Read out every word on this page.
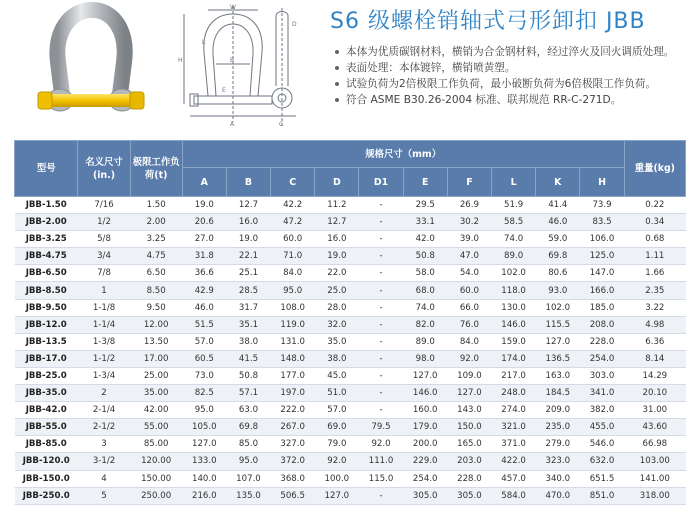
W
B
E
A
H
L
D
C
S6 级螺栓销轴式弓形卸扣 JBB
本体为优质碳钢材料，横销为合金钢材料，经过淬火及回火调质处理。
表面处理：本体镀锌，横销喷黄塑。
试验负荷为2倍极限工作负荷，最小破断负荷为6倍极限工作负荷。
符合 ASME B30.26-2004 标准、联邦规范 RR-C-271D。
型号	名义尺寸(in.)	极限工作负荷(t)	规格尺寸（mm）										重量(kg)
			A	B	C	D	D1	E	F	L	K	H	
JBB-1.50	7/16	1.50	19.0	12.7	42.2	11.2	-	29.5	26.9	51.9	41.4	73.9	0.22
JBB-2.00	1/2	2.00	20.6	16.0	47.2	12.7	-	33.1	30.2	58.5	46.0	83.5	0.34
JBB-3.25	5/8	3.25	27.0	19.0	60.0	16.0	-	42.0	39.0	74.0	59.0	106.0	0.68
JBB-4.75	3/4	4.75	31.8	22.1	71.0	19.0	-	50.8	47.0	89.0	69.8	125.0	1.11
JBB-6.50	7/8	6.50	36.6	25.1	84.0	22.0	-	58.0	54.0	102.0	80.6	147.0	1.66
JBB-8.50	1	8.50	42.9	28.5	95.0	25.0	-	68.0	60.0	118.0	93.0	166.0	2.35
JBB-9.50	1-1/8	9.50	46.0	31.7	108.0	28.0	-	74.0	66.0	130.0	102.0	185.0	3.22
JBB-12.0	1-1/4	12.00	51.5	35.1	119.0	32.0	-	82.0	76.0	146.0	115.5	208.0	4.98
JBB-13.5	1-3/8	13.50	57.0	38.0	131.0	35.0	-	89.0	84.0	159.0	127.0	228.0	6.36
JBB-17.0	1-1/2	17.00	60.5	41.5	148.0	38.0	-	98.0	92.0	174.0	136.5	254.0	8.14
JBB-25.0	1-3/4	25.00	73.0	50.8	177.0	45.0	-	127.0	109.0	217.0	163.0	303.0	14.29
JBB-35.0	2	35.00	82.5	57.1	197.0	51.0	-	146.0	127.0	248.0	184.5	341.0	20.10
JBB-42.0	2-1/4	42.00	95.0	63.0	222.0	57.0	-	160.0	143.0	274.0	209.0	382.0	31.00
JBB-55.0	2-1/2	55.00	105.0	69.8	267.0	69.0	79.5	179.0	150.0	321.0	235.0	455.0	43.60
JBB-85.0	3	85.00	127.0	85.0	327.0	79.0	92.0	200.0	165.0	371.0	279.0	546.0	66.98
JBB-120.0	3-1/2	120.00	133.0	95.0	372.0	92.0	111.0	229.0	203.0	422.0	323.0	632.0	103.00
JBB-150.0	4	150.00	140.0	107.0	368.0	100.0	115.0	254.0	228.0	457.0	340.0	651.5	141.00
JBB-250.0	5	250.00	216.0	135.0	506.5	127.0	-	305.0	305.0	584.0	470.0	851.0	318.00
